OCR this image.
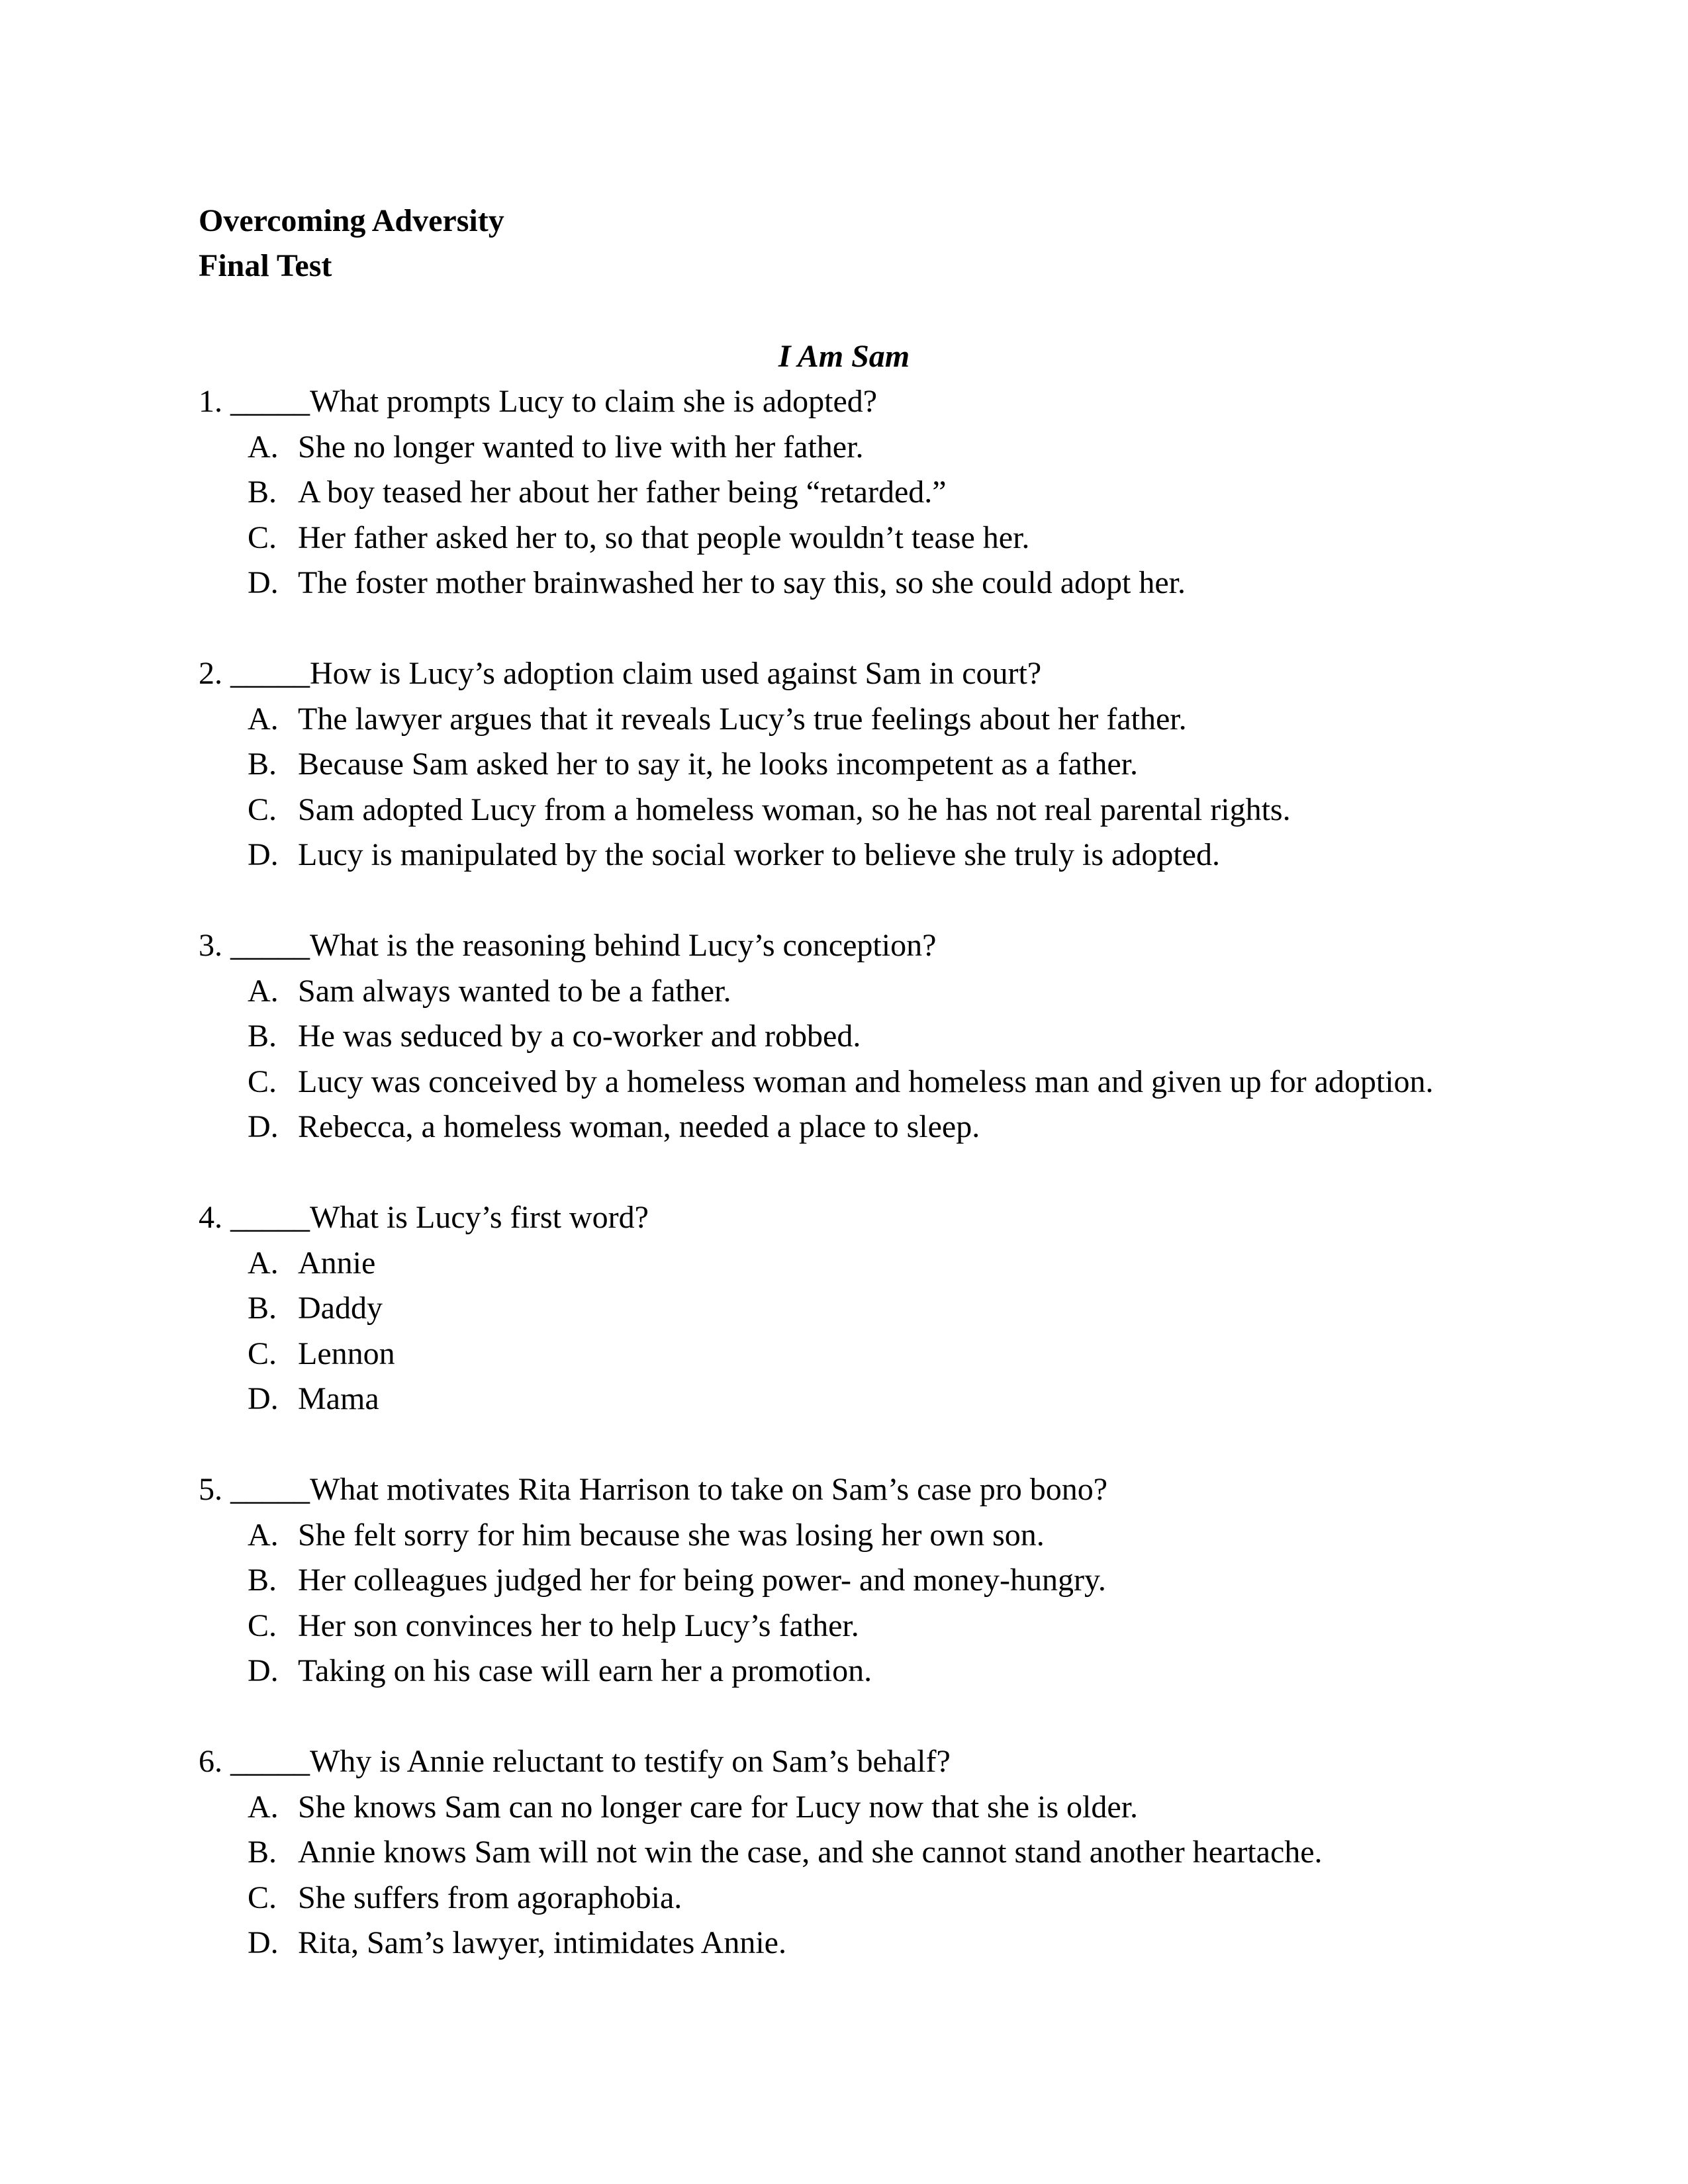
Overcoming Adversity
Final Test
I Am Sam
1. _____What prompts Lucy to claim she is adopted?
A. She no longer wanted to live with her father.
B. A boy teased her about her father being “retarded.”
C. Her father asked her to, so that people wouldn’t tease her.
D. The foster mother brainwashed her to say this, so she could adopt her.
2. _____How is Lucy’s adoption claim used against Sam in court?
A. The lawyer argues that it reveals Lucy’s true feelings about her father.
B. Because Sam asked her to say it, he looks incompetent as a father.
C. Sam adopted Lucy from a homeless woman, so he has not real parental rights.
D. Lucy is manipulated by the social worker to believe she truly is adopted.
3. _____What is the reasoning behind Lucy’s conception?
A. Sam always wanted to be a father.
B. He was seduced by a co-worker and robbed.
C. Lucy was conceived by a homeless woman and homeless man and given up for adoption.
D. Rebecca, a homeless woman, needed a place to sleep.
4. _____What is Lucy’s first word?
A. Annie
B. Daddy
C. Lennon
D. Mama
5. _____What motivates Rita Harrison to take on Sam’s case pro bono?
A. She felt sorry for him because she was losing her own son.
B. Her colleagues judged her for being power- and money-hungry.
C. Her son convinces her to help Lucy’s father.
D. Taking on his case will earn her a promotion.
6. _____Why is Annie reluctant to testify on Sam’s behalf?
A. She knows Sam can no longer care for Lucy now that she is older.
B. Annie knows Sam will not win the case, and she cannot stand another heartache.
C. She suffers from agoraphobia.
D. Rita, Sam’s lawyer, intimidates Annie.
